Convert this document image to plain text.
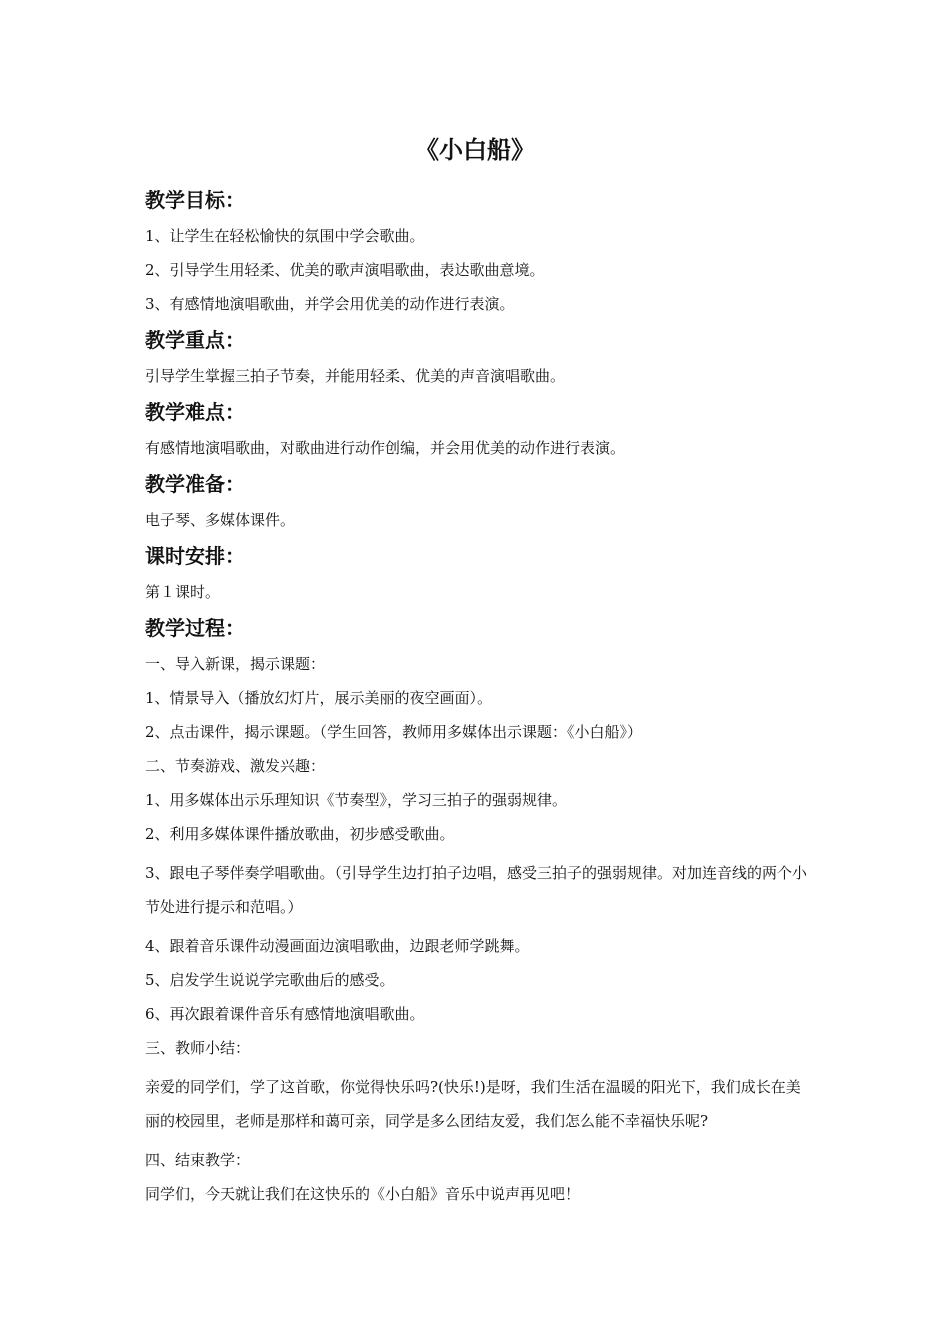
《小白船》
教学目标：
1、让学生在轻松愉快的氛围中学会歌曲。
2、引导学生用轻柔、优美的歌声演唱歌曲，表达歌曲意境。
3、有感情地演唱歌曲，并学会用优美的动作进行表演。
教学重点：
引导学生掌握三拍子节奏，并能用轻柔、优美的声音演唱歌曲。
教学难点：
有感情地演唱歌曲，对歌曲进行动作创编，并会用优美的动作进行表演。
教学准备：
电子琴、多媒体课件。
课时安排：
第１课时。
教学过程：
一、导入新课，揭示课题：
1、情景导入（播放幻灯片，展示美丽的夜空画面）。
2、点击课件，揭示课题。（学生回答，教师用多媒体出示课题：《小白船》）
二、节奏游戏、激发兴趣：
1、用多媒体出示乐理知识《节奏型》，学习三拍子的强弱规律。
2、利用多媒体课件播放歌曲，初步感受歌曲。
3、跟电子琴伴奏学唱歌曲。（引导学生边打拍子边唱，感受三拍子的强弱规律。对加连音线的两个小节处进行提示和范唱。）
4、跟着音乐课件动漫画面边演唱歌曲，边跟老师学跳舞。
5、启发学生说说学完歌曲后的感受。
6、再次跟着课件音乐有感情地演唱歌曲。
三、教师小结：
亲爱的同学们，学了这首歌，你觉得快乐吗?(快乐!)是呀，我们生活在温暖的阳光下，我们成长在美丽的校园里，老师是那样和蔼可亲，同学是多么团结友爱，我们怎么能不幸福快乐呢?
四、结束教学：
同学们，今天就让我们在这快乐的《小白船》音乐中说声再见吧！
